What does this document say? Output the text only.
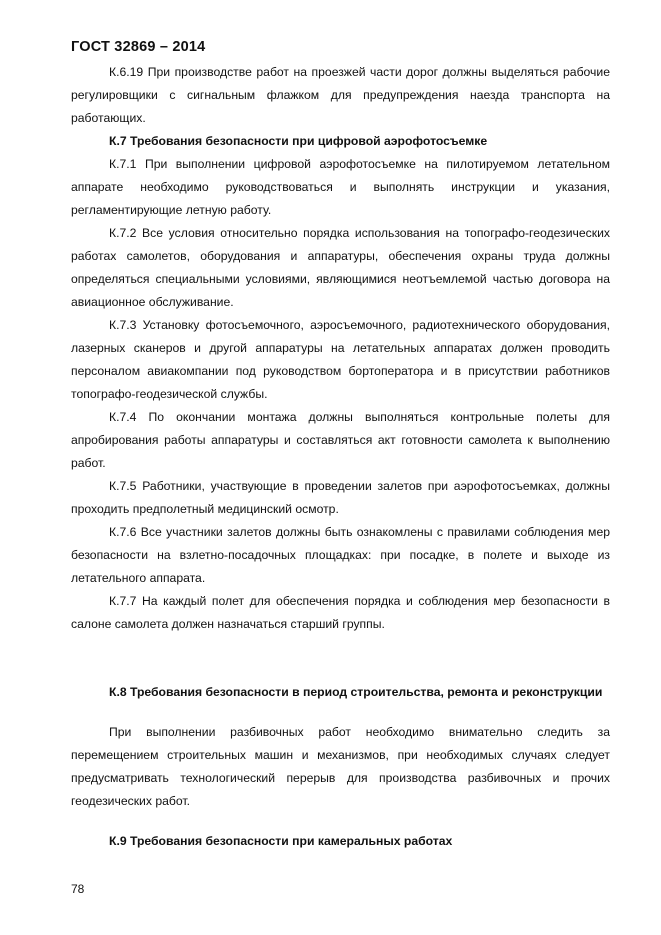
ГОСТ 32869 – 2014

К.6.19 При производстве работ на проезжей части дорог должны выделяться рабочие регулировщики с сигнальным флажком для предупреждения наезда транспорта на работающих.

К.7 Требования безопасности при цифровой аэрофотосъемке

К.7.1 При выполнении цифровой аэрофотосъемке на пилотируемом летательном аппарате необходимо руководствоваться и выполнять инструкции и указания, регламентирующие летную работу.

К.7.2 Все условия относительно порядка использования на топографо-геодезических работах самолетов, оборудования и аппаратуры, обеспечения охраны труда должны определяться специальными условиями, являющимися неотъемлемой частью договора на авиационное обслуживание.

К.7.3 Установку фотосъемочного, аэросъемочного, радиотехнического оборудования, лазерных сканеров и другой аппаратуры на летательных аппаратах должен проводить персоналом авиакомпании под руководством бортоператора и в присутствии работников топографо-геодезической службы.

К.7.4 По окончании монтажа должны выполняться контрольные полеты для апробирования работы аппаратуры и составляться акт готовности самолета к выполнению работ.

К.7.5 Работники, участвующие в проведении залетов при аэрофотосъемках, должны проходить предполетный медицинский осмотр.

К.7.6 Все участники залетов должны быть ознакомлены с правилами соблюдения мер безопасности на взлетно-посадочных площадках: при посадке, в полете и выходе из летательного аппарата.

К.7.7 На каждый полет для обеспечения порядка и соблюдения мер безопасности в салоне самолета должен назначаться старший группы.

К.8 Требования безопасности в период строительства, ремонта и реконструкции

При выполнении разбивочных работ необходимо внимательно следить за перемещением строительных машин и механизмов, при необходимых случаях следует предусматривать технологический перерыв для производства разбивочных и прочих геодезических работ.

К.9 Требования безопасности при камеральных работах

78
